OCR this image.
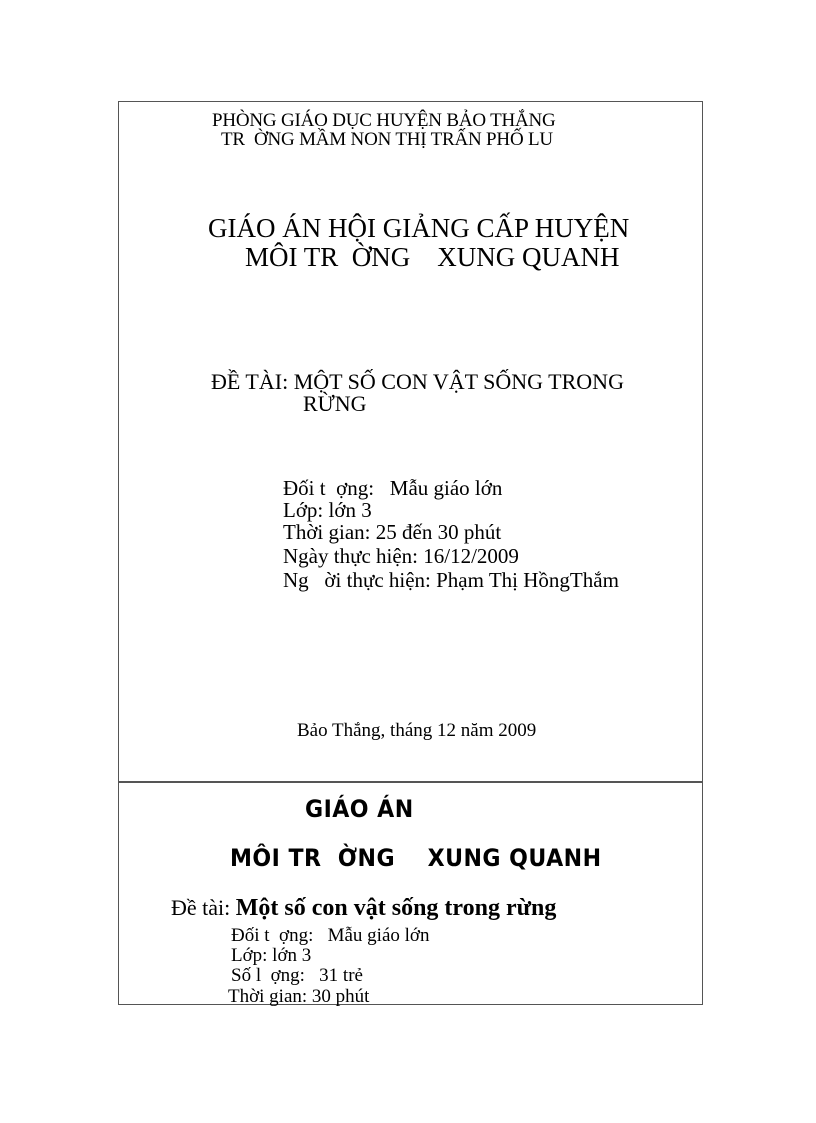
PHÒNG GIÁO DỤC HUYỆN BẢO THẮNG
TR  ỜNG MẦM NON THỊ TRẤN PHỐ LU
GIÁO ÁN HỘI GIẢNG CẤP HUYỆN
MÔI TR  ỜNG    XUNG QUANH
ĐỀ TÀI: MỘT SỐ CON VẬT SỐNG TRONG
RỪNG
Đối t  ợng:   Mẫu giáo lớn
Lớp: lớn 3
Thời gian: 25 đến 30 phút
Ngày thực hiện: 16/12/2009
Ng   ời thực hiện: Phạm Thị HồngThắm
Bảo Thắng, tháng 12 năm 2009
GIÁO ÁN
MÔI TR  ỜNG    XUNG QUANH

Đề tài: Một số con vật sống trong rừng

Đối t  ợng:   Mẫu giáo lớn
Lớp: lớn 3
Số l  ợng:   31 trẻ
Thời gian: 30 phút
